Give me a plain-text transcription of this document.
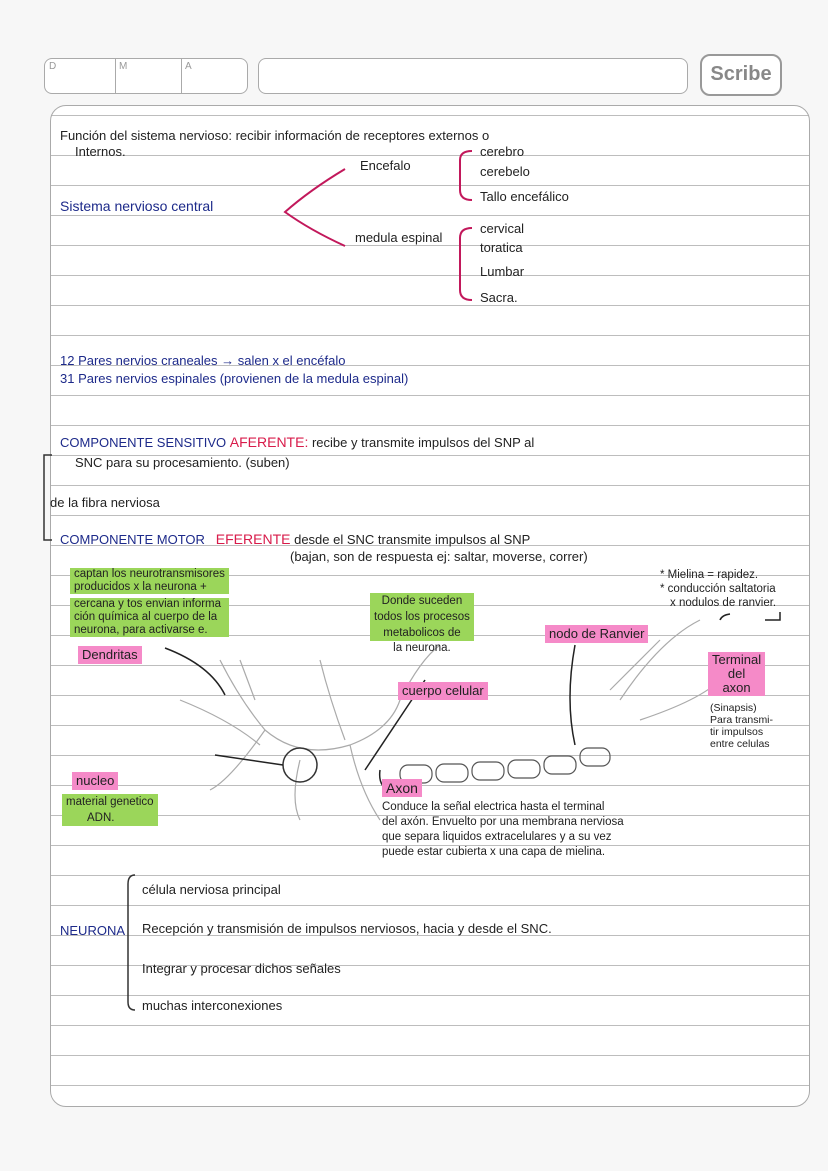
D	M	A	Scribe
Función del sistema nervioso: recibir información de receptores externos o
Internos.
Sistema nervioso central
Encefalo
cerebro
cerebelo
Tallo encefálico
medula espinal
cervical
toratica
Lumbar
Sacra.
12 Pares nervios craneales → salen x el encéfalo
31 Pares nervios espinales (provienen de la medula espinal)
COMPONENTE SENSITIVO AFERENTE: recibe y transmite impulsos del SNP al
SNC para su procesamiento. (suben)
de la fibra nerviosa
COMPONENTE MOTOR EFERENTE desde el SNC transmite impulsos al SNP
(bajan, son de respuesta ej: saltar, moverse, correr)
captan los neurotransmisores
producidos x la neurona +
cercana y tos envian informa
ción química al cuerpo de la
neurona, para activarse e.
Dendritas
Donde suceden
todos los procesos
metabolicos de
la neurona.
cuerpo celular
* Mielina = rapidez.
* conducción saltatoria
x nodulos de ranvier.
nodo de Ranvier
Terminal
del
axon
(Sinapsis)
Para transmi-
tir impulsos
entre celulas
nucleo
material genetico
ADN.
Axon
Conduce la señal electrica hasta el terminal
del axón. Envuelto por una membrana nerviosa
que separa liquidos extracelulares y a su vez
puede estar cubierta x una capa de mielina.
NEURONA
célula nerviosa principal
Recepción y transmisión de impulsos nerviosos, hacia y desde el SNC.
Integrar y procesar dichos señales
muchas interconexiones
